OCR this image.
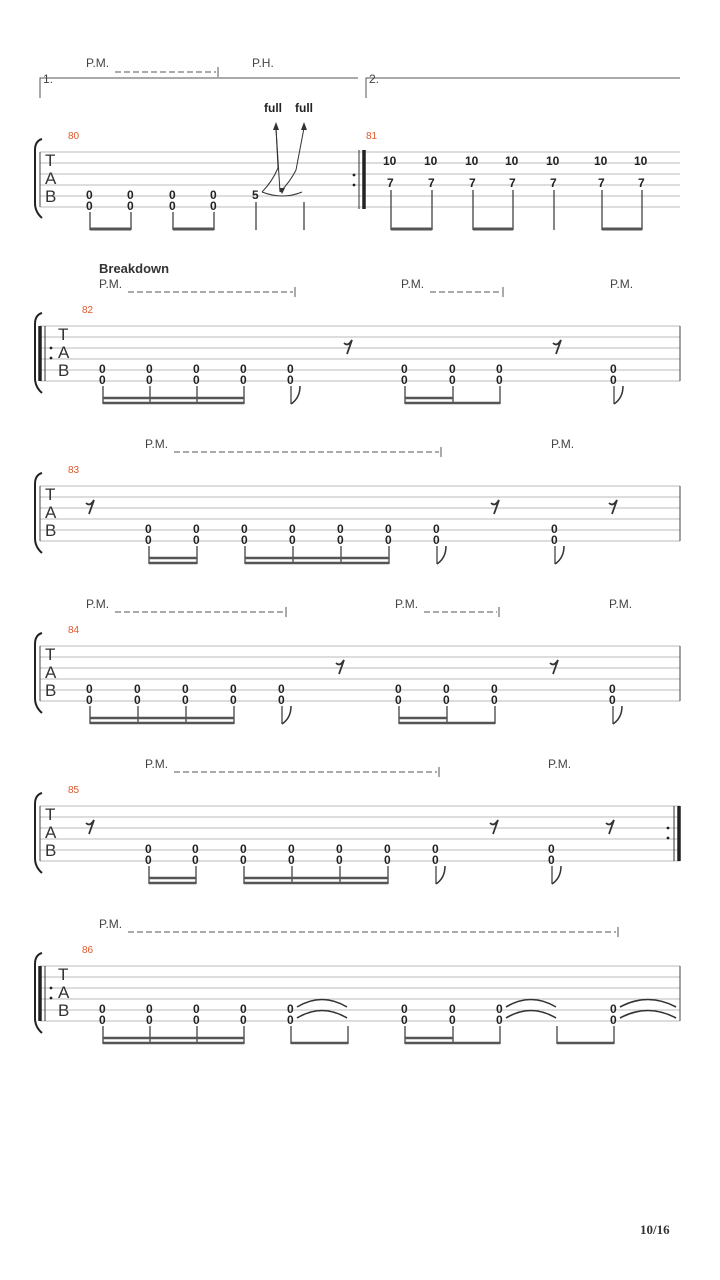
1.	2.
P.M.	P.H.
T
A
B
80	81
0
0
0
0
0
0
0
0
5
full full
10
7
10
7
10
7
10
7
10
7
10
7
10
7
Breakdown
P.M.	P.M.	P.M.
T
A
B
82
0
0
0
0
0
0
0
0
0
0
0
0
0
0
0
0
0
0
P.M.	P.M.
T
A
B
83
0
0
0
0
0
0
0
0
0
0
0
0
0
0
0
0
P.M.	P.M.	P.M.
T
A
B
84
0
0
0
0
0
0
0
0
0
0
0
0
0
0
0
0
0
0
P.M.	P.M.
T
A
B
85
0
0
0
0
0
0
0
0
0
0
0
0
0
0
0
0
P.M.
T
A
B
86
0
0
0
0
0
0
0
0
0
0
0
0
0
0
0
0
0
0
10/16
